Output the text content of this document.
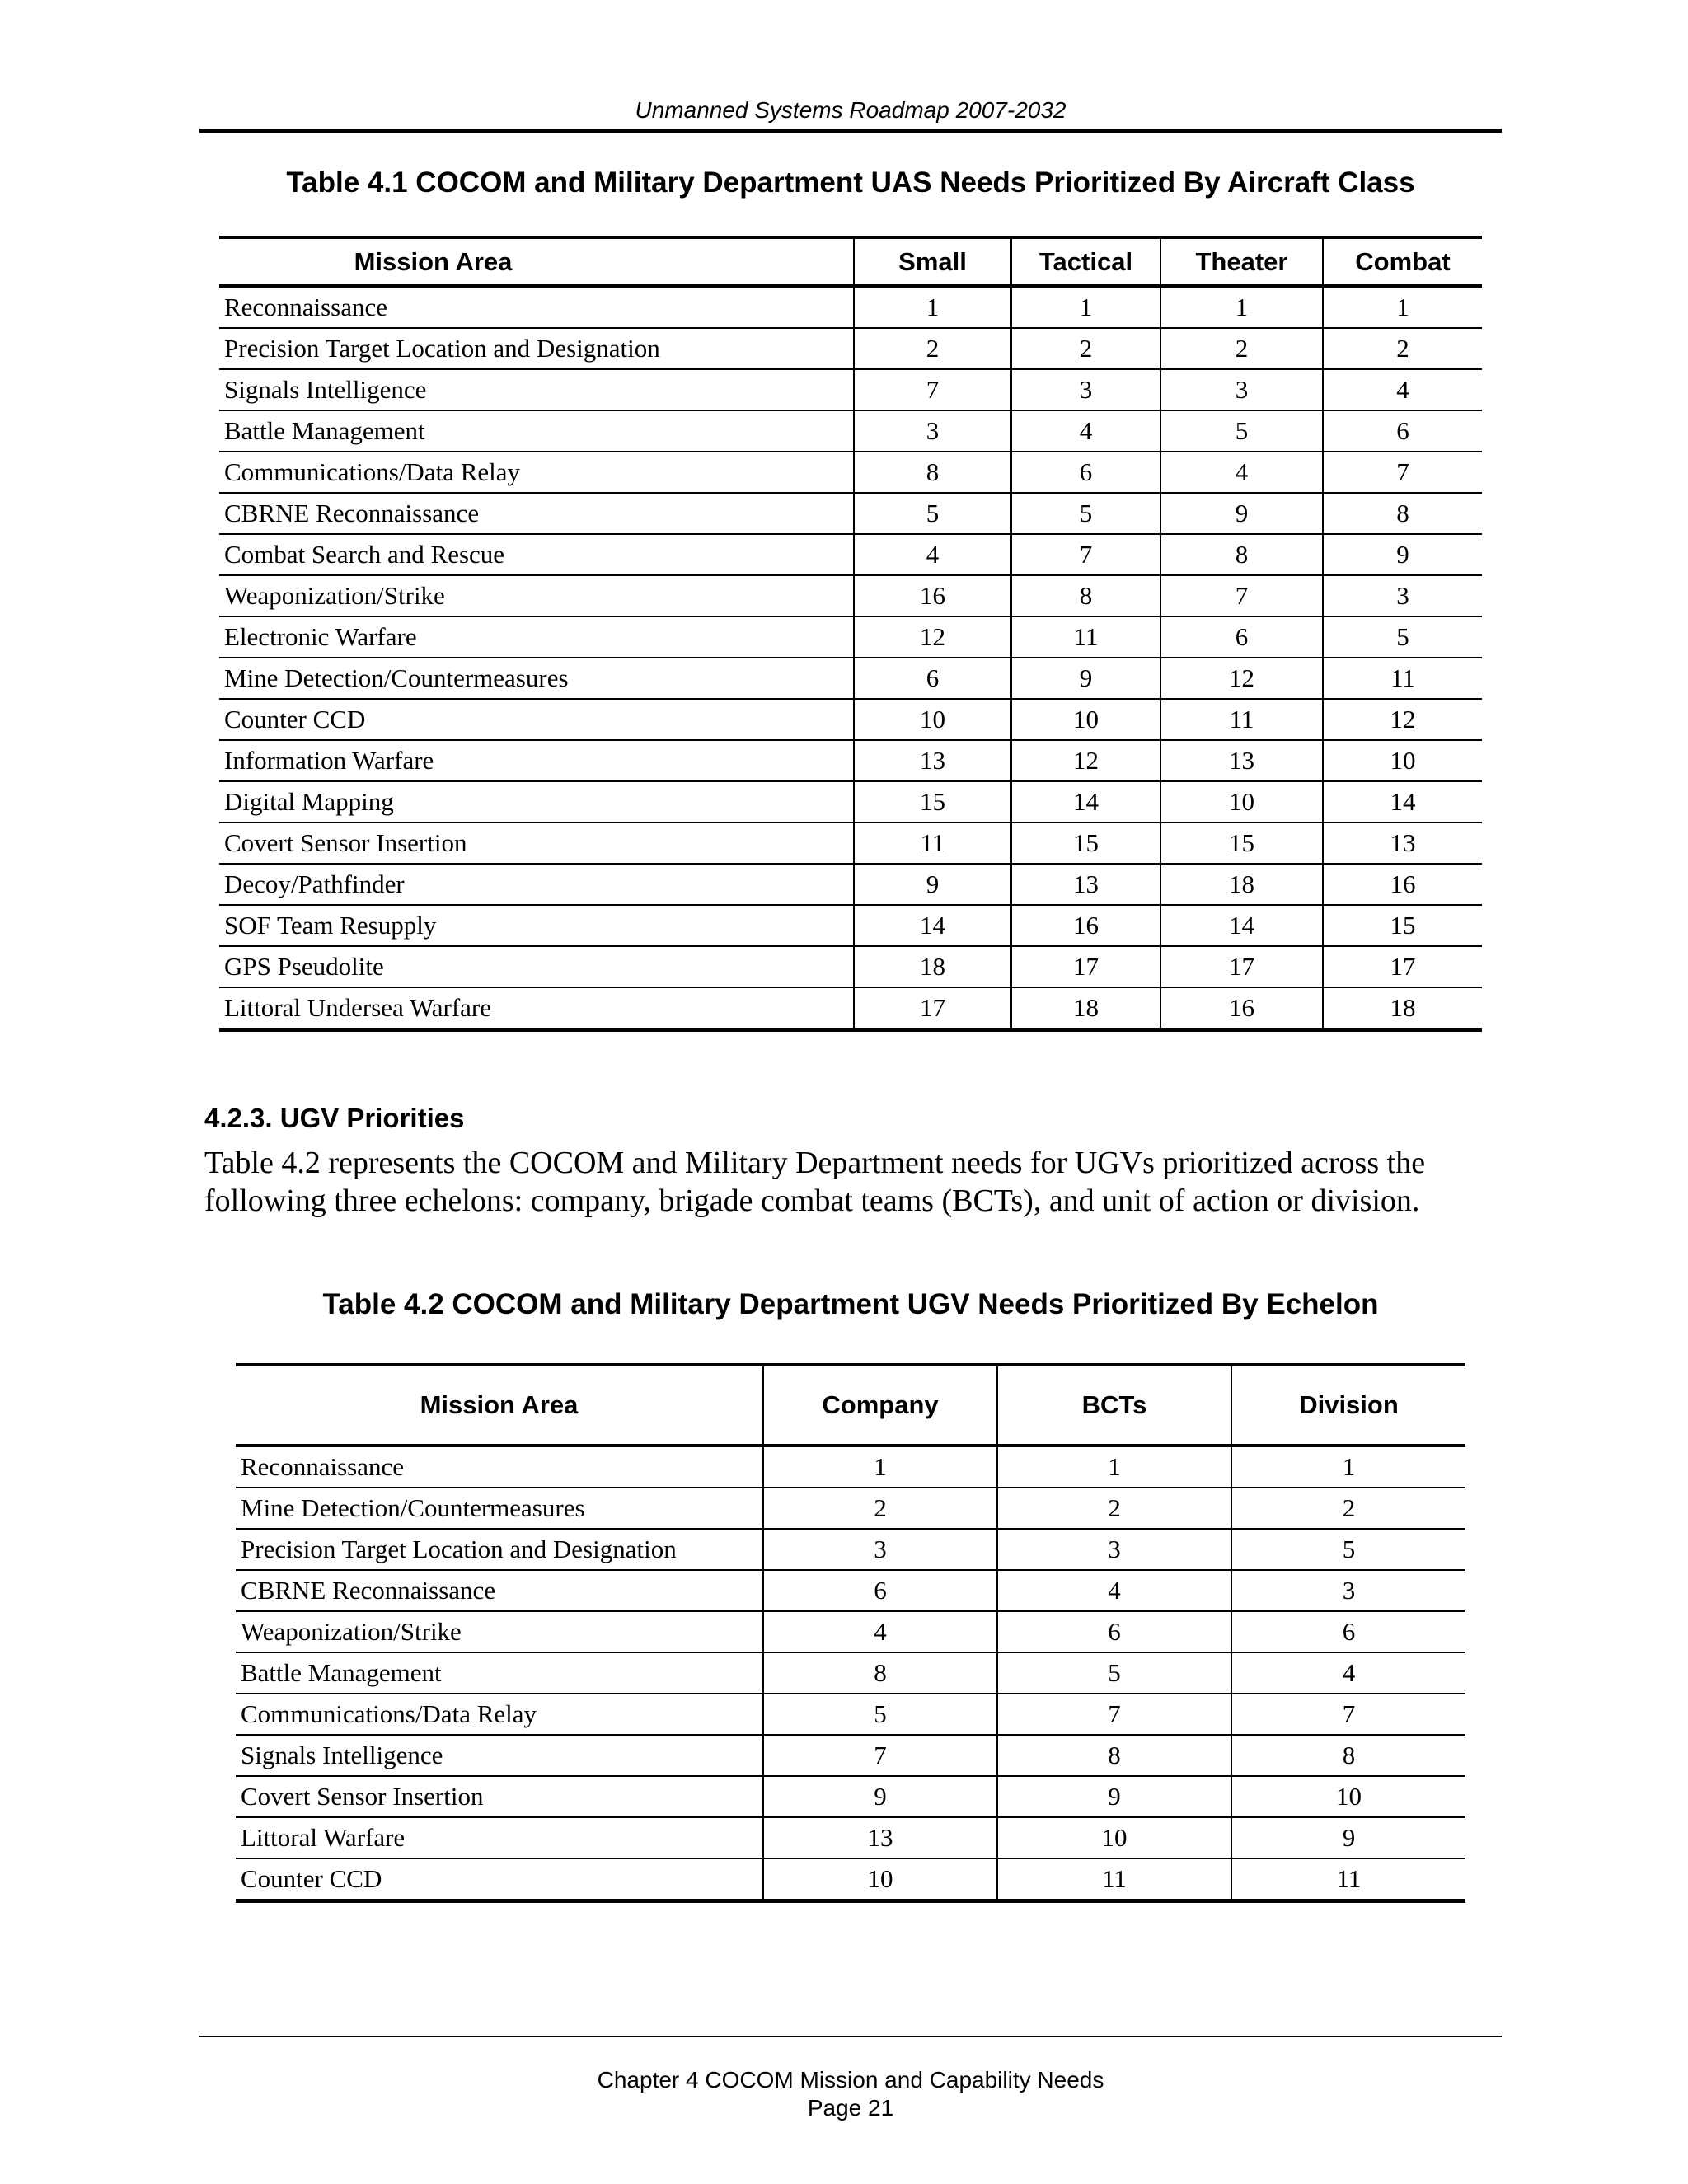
Unmanned Systems Roadmap 2007-2032
Table 4.1 COCOM and Military Department UAS Needs Prioritized By Aircraft Class
Mission Area	Small	Tactical	Theater	Combat
Reconnaissance	1	1	1	1
Precision Target Location and Designation	2	2	2	2
Signals Intelligence	7	3	3	4
Battle Management	3	4	5	6
Communications/Data Relay	8	6	4	7
CBRNE Reconnaissance	5	5	9	8
Combat Search and Rescue	4	7	8	9
Weaponization/Strike	16	8	7	3
Electronic Warfare	12	11	6	5
Mine Detection/Countermeasures	6	9	12	11
Counter CCD	10	10	11	12
Information Warfare	13	12	13	10
Digital Mapping	15	14	10	14
Covert Sensor Insertion	11	15	15	13
Decoy/Pathfinder	9	13	18	16
SOF Team Resupply	14	16	14	15
GPS Pseudolite	18	17	17	17
Littoral Undersea Warfare	17	18	16	18
4.2.3. UGV Priorities
Table 4.2 represents the COCOM and Military Department needs for UGVs prioritized across the following three echelons: company, brigade combat teams (BCTs), and unit of action or division.
Table 4.2 COCOM and Military Department UGV Needs Prioritized By Echelon
Mission Area	Company	BCTs	Division
Reconnaissance	1	1	1
Mine Detection/Countermeasures	2	2	2
Precision Target Location and Designation	3	3	5
CBRNE Reconnaissance	6	4	3
Weaponization/Strike	4	6	6
Battle Management	8	5	4
Communications/Data Relay	5	7	7
Signals Intelligence	7	8	8
Covert Sensor Insertion	9	9	10
Littoral Warfare	13	10	9
Counter CCD	10	11	11
Chapter 4 COCOM Mission and Capability Needs
Page 21
